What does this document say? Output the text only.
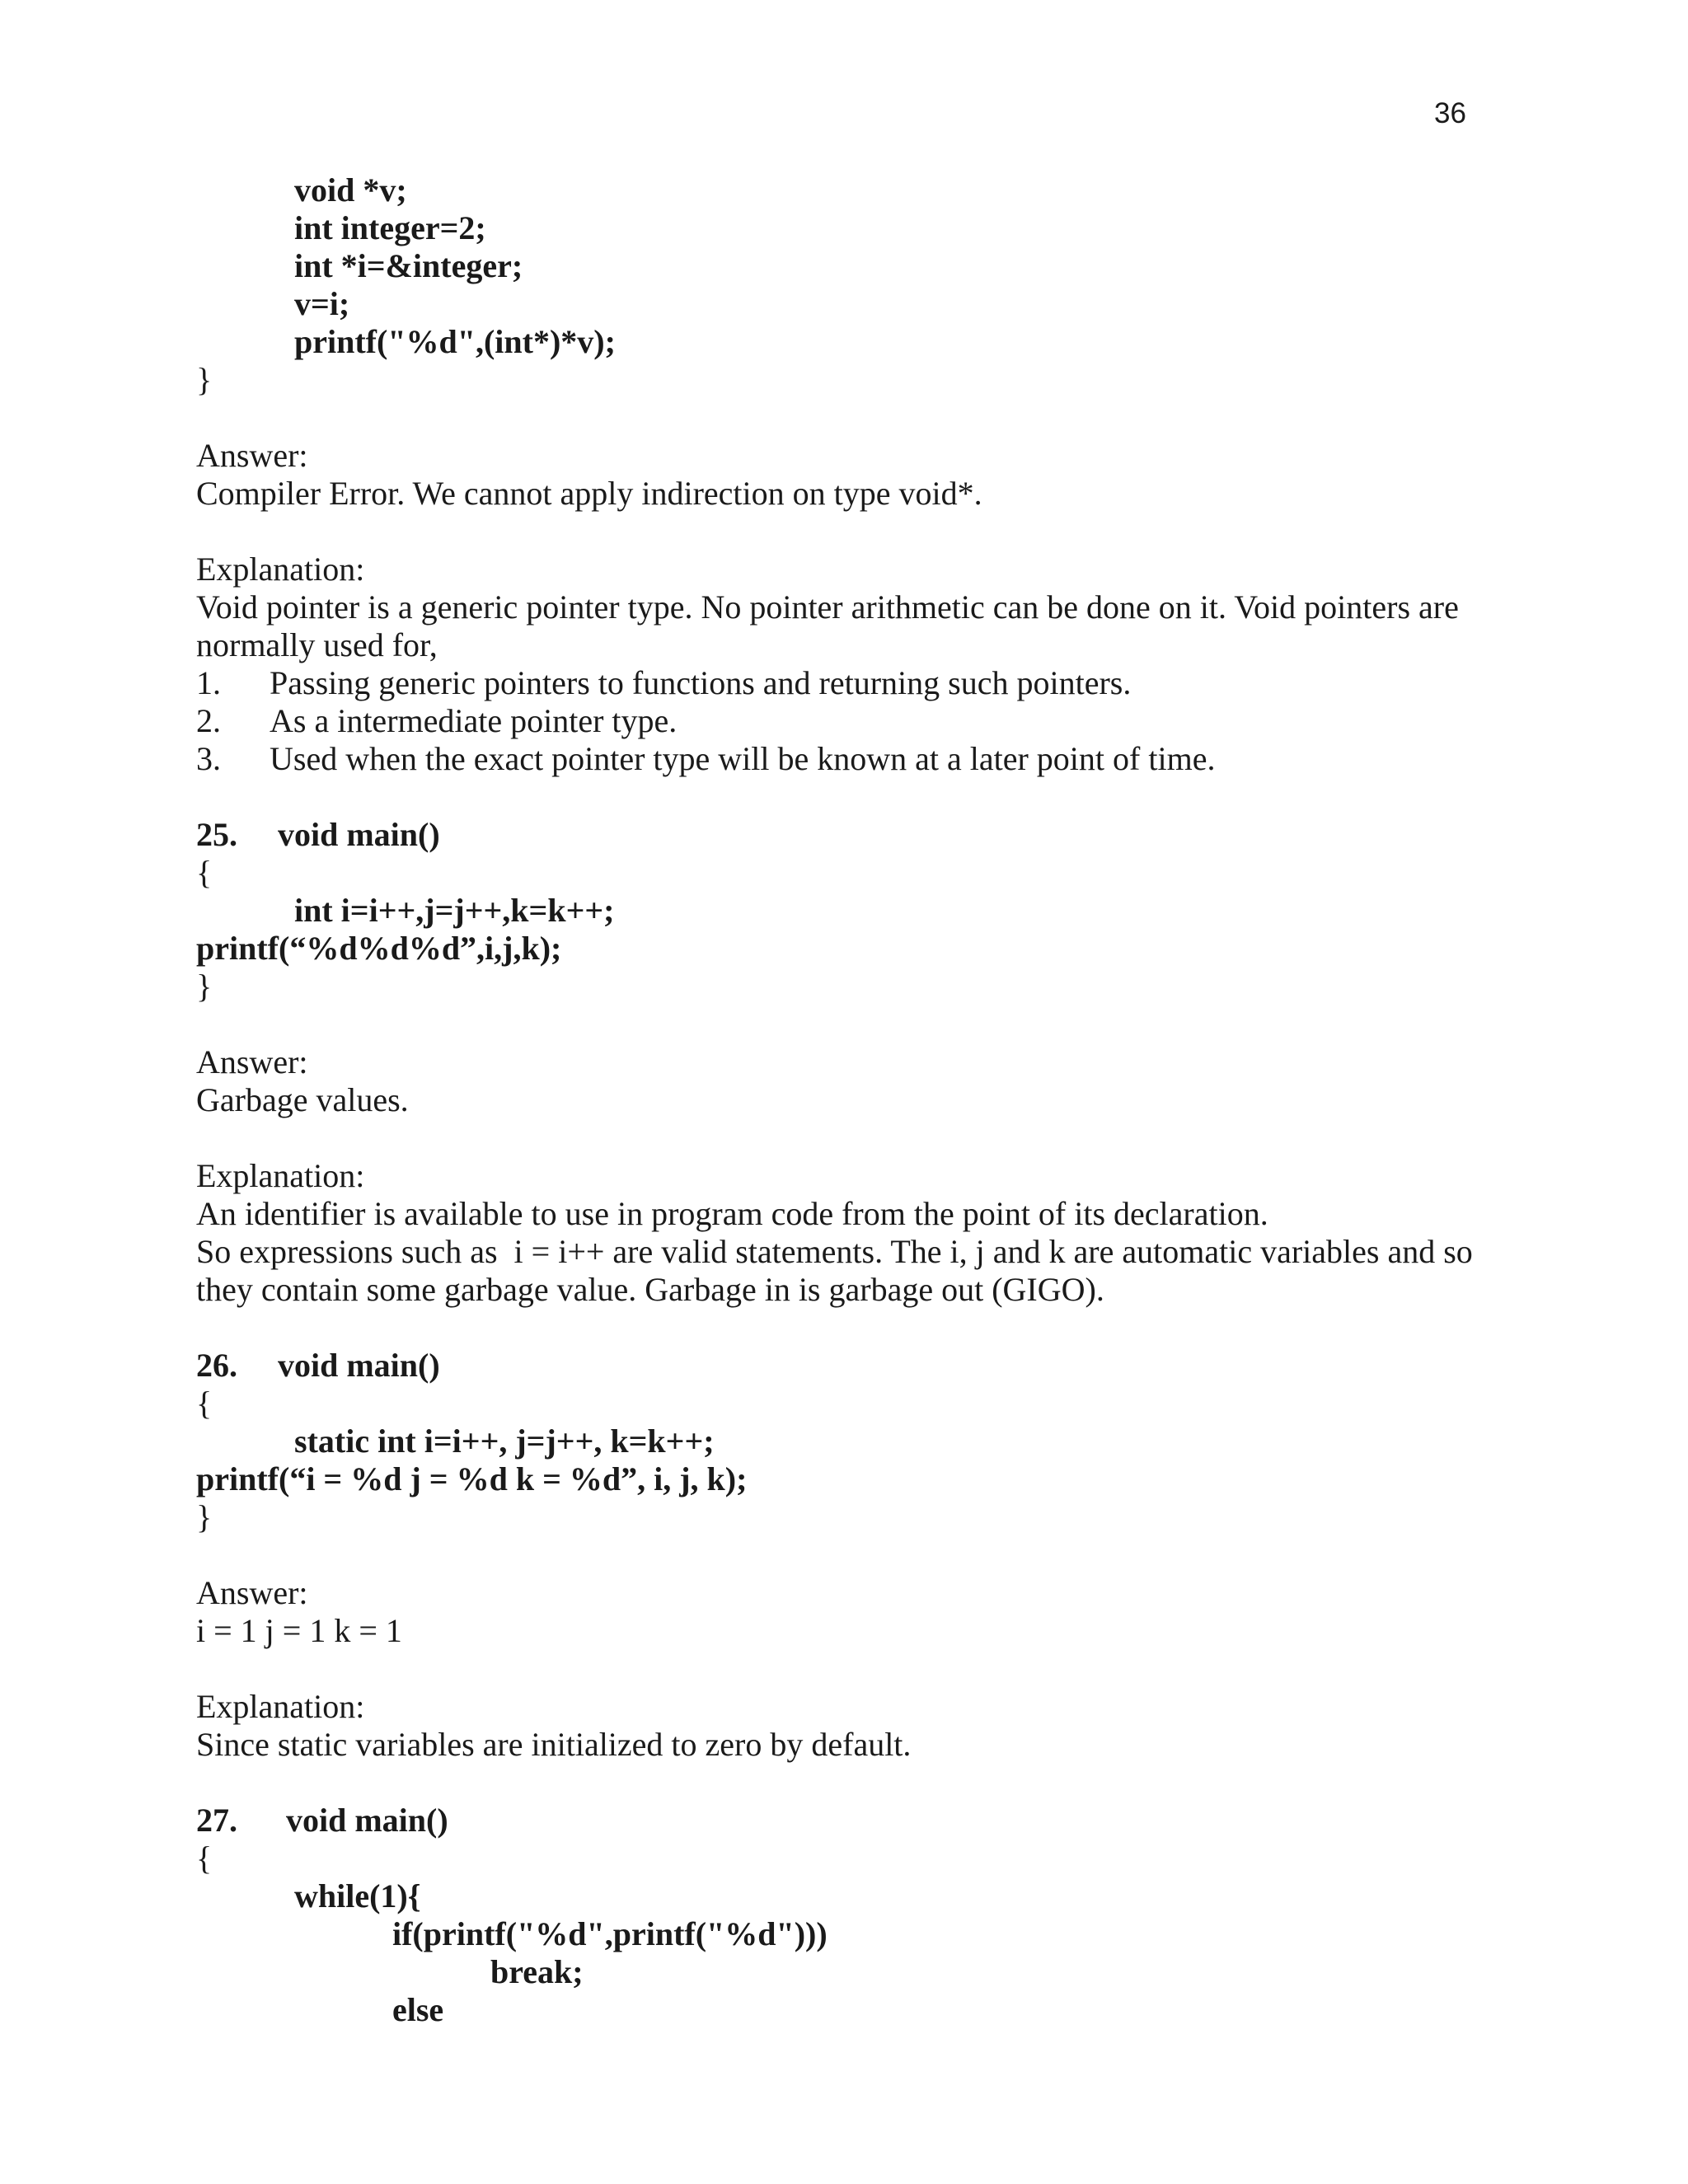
36
void *v;
int integer=2;
int *i=&integer;
v=i;
printf("%d",(int*)*v);
}
Answer:
Compiler Error. We cannot apply indirection on type void*.
Explanation:
Void pointer is a generic pointer type. No pointer arithmetic can be done on it. Void pointers are
normally used for,
1. Passing generic pointers to functions and returning such pointers.
2. As a intermediate pointer type.
3. Used when the exact pointer type will be known at a later point of time.
25. void main()
{
int i=i++,j=j++,k=k++;
printf(“%d%d%d”,i,j,k);
}
Answer:
Garbage values.
Explanation:
An identifier is available to use in program code from the point of its declaration.
So expressions such as  i = i++ are valid statements. The i, j and k are automatic variables and so
they contain some garbage value. Garbage in is garbage out (GIGO).
26. void main()
{
static int i=i++, j=j++, k=k++;
printf(“i = %d j = %d k = %d”, i, j, k);
}
Answer:
i = 1 j = 1 k = 1
Explanation:
Since static variables are initialized to zero by default.
27. void main()
{
while(1){
if(printf("%d",printf("%d")))
break;
else
